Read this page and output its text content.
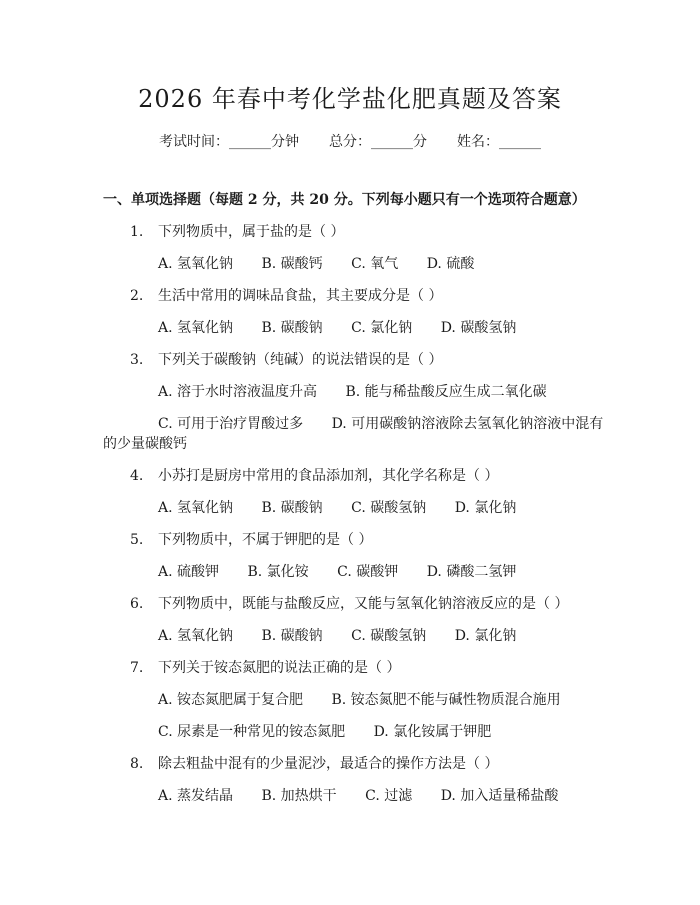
2026 年春中考化学盐化肥真题及答案
考试时间：______分钟 总分：______分 姓名：______
一、单项选择题（每题 2 分，共 20 分。下列每小题只有一个选项符合题意）
1. 下列物质中，属于盐的是（ ）
A. 氢氧化钠 B. 碳酸钙 C. 氧气 D. 硫酸
2. 生活中常用的调味品食盐，其主要成分是（ ）
A. 氢氧化钠 B. 碳酸钠 C. 氯化钠 D. 碳酸氢钠
3. 下列关于碳酸钠（纯碱）的说法错误的是（ ）
A. 溶于水时溶液温度升高 B. 能与稀盐酸反应生成二氧化碳
C. 可用于治疗胃酸过多 D. 可用碳酸钠溶液除去氢氧化钠溶液中混有
的少量碳酸钙
4. 小苏打是厨房中常用的食品添加剂，其化学名称是（ ）
A. 氢氧化钠 B. 碳酸钠 C. 碳酸氢钠 D. 氯化钠
5. 下列物质中，不属于钾肥的是（ ）
A. 硫酸钾 B. 氯化铵 C. 碳酸钾 D. 磷酸二氢钾
6. 下列物质中，既能与盐酸反应，又能与氢氧化钠溶液反应的是（ ）
A. 氢氧化钠 B. 碳酸钠 C. 碳酸氢钠 D. 氯化钠
7. 下列关于铵态氮肥的说法正确的是（ ）
A. 铵态氮肥属于复合肥 B. 铵态氮肥不能与碱性物质混合施用
C. 尿素是一种常见的铵态氮肥 D. 氯化铵属于钾肥
8. 除去粗盐中混有的少量泥沙，最适合的操作方法是（ ）
A. 蒸发结晶 B. 加热烘干 C. 过滤 D. 加入适量稀盐酸
